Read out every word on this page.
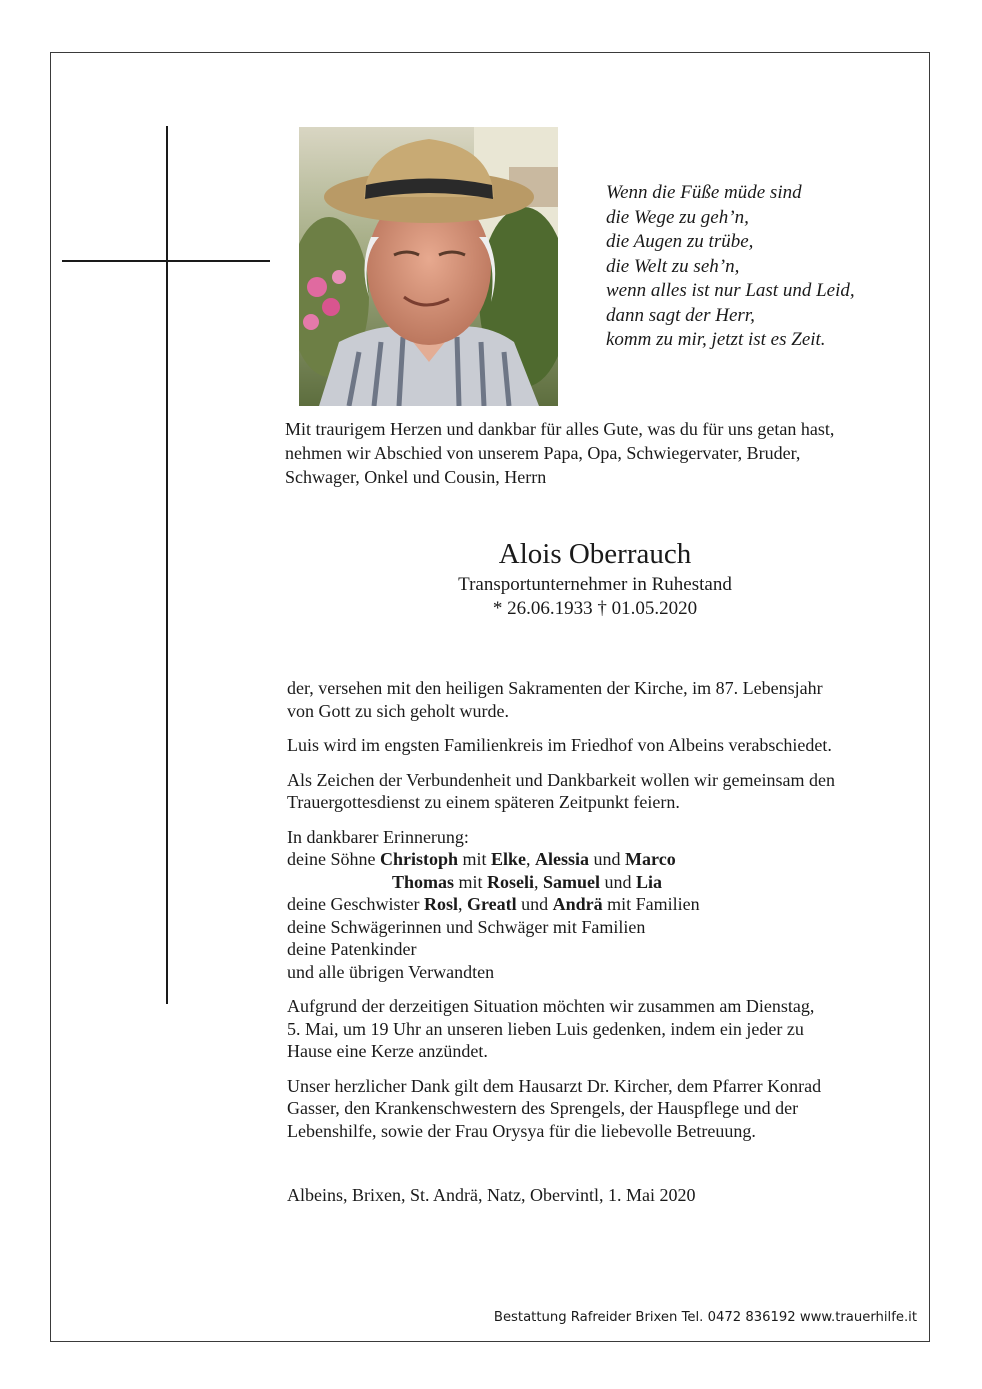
Wenn die Füße müde sind
die Wege zu geh’n,
die Augen zu trübe,
die Welt zu seh’n,
wenn alles ist nur Last und Leid,
dann sagt der Herr,
komm zu mir, jetzt ist es Zeit.
Mit traurigem Herzen und dankbar für alles Gute, was du für uns getan hast,
nehmen wir Abschied von unserem Papa, Opa, Schwiegervater, Bruder,
Schwager, Onkel und Cousin, Herrn
Alois Oberrauch
Transportunternehmer in Ruhestand
* 26.06.1933 † 01.05.2020
der, versehen mit den heiligen Sakramenten der Kirche, im 87. Lebensjahr
von Gott zu sich geholt wurde.
Luis wird im engsten Familienkreis im Friedhof von Albeins verabschiedet.
Als Zeichen der Verbundenheit und Dankbarkeit wollen wir gemeinsam den
Trauergottesdienst zu einem späteren Zeitpunkt feiern.
In dankbarer Erinnerung:
deine Söhne Christoph mit Elke, Alessia und Marco
Thomas mit Roseli, Samuel und Lia
deine Geschwister Rosl, Greatl und Andrä mit Familien
deine Schwägerinnen und Schwäger mit Familien
deine Patenkinder
und alle übrigen Verwandten
Aufgrund der derzeitigen Situation möchten wir zusammen am Dienstag,
5. Mai, um 19 Uhr an unseren lieben Luis gedenken, indem ein jeder zu
Hause eine Kerze anzündet.
Unser herzlicher Dank gilt dem Hausarzt Dr. Kircher, dem Pfarrer Konrad
Gasser, den Krankenschwestern des Sprengels, der Hauspflege und der
Lebenshilfe, sowie der Frau Orysya für die liebevolle Betreuung.
Albeins, Brixen, St. Andrä, Natz, Obervintl, 1. Mai 2020
Bestattung Rafreider Brixen Tel. 0472 836192 www.trauerhilfe.it
